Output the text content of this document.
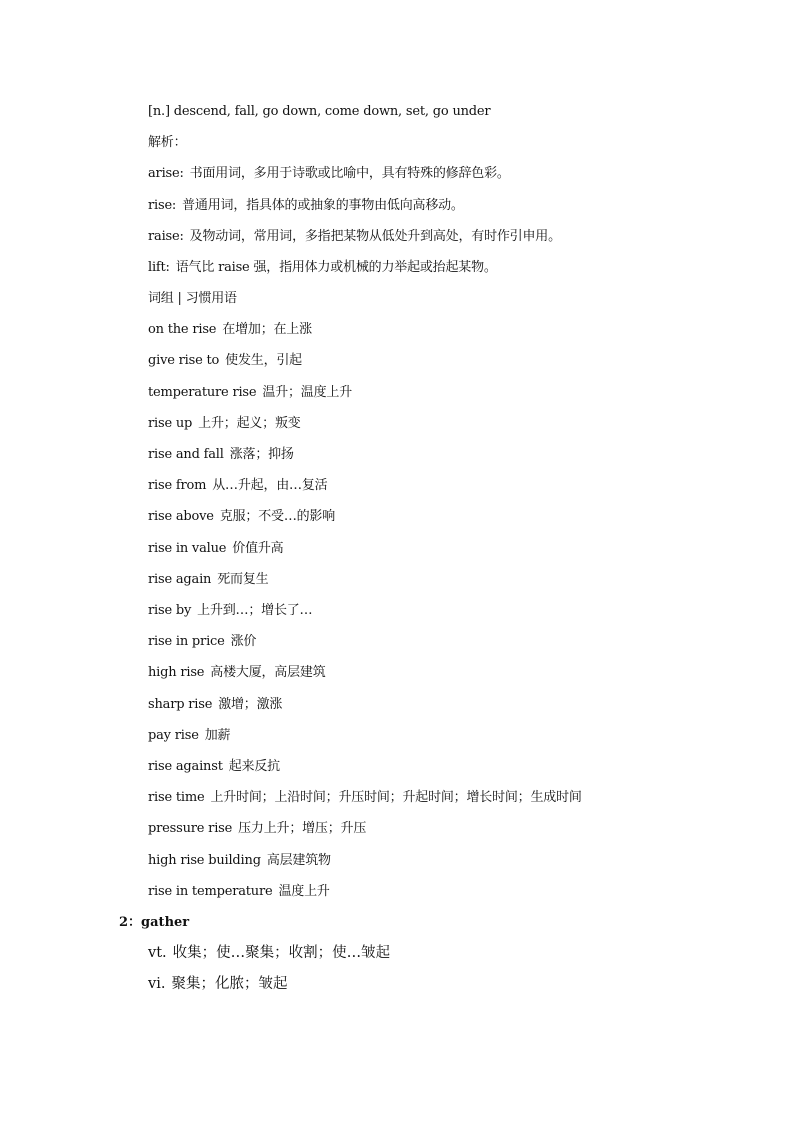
[n.] descend, fall, go down, come down, set, go under
解析：
arise: 书面用词，多用于诗歌或比喻中，具有特殊的修辞色彩。
rise: 普通用词，指具体的或抽象的事物由低向高移动。
raise: 及物动词，常用词，多指把某物从低处升到高处，有时作引申用。
lift: 语气比 raise 强，指用体力或机械的力举起或抬起某物。
词组 | 习惯用语
on the rise 在增加；在上涨
give rise to 使发生，引起
temperature rise 温升；温度上升
rise up 上升；起义；叛变
rise and fall 涨落；抑扬
rise from 从…升起，由…复活
rise above 克服；不受…的影响
rise in value 价值升高
rise again 死而复生
rise by 上升到…；增长了…
rise in price 涨价
high rise 高楼大厦，高层建筑
sharp rise 激增；激涨
pay rise 加薪
rise against 起来反抗
rise time 上升时间；上沿时间；升压时间；升起时间；增长时间；生成时间
pressure rise 压力上升；增压；升压
high rise building 高层建筑物
rise in temperature 温度上升
2：gather
vt. 收集；使…聚集；收割；使…皱起
vi. 聚集；化脓；皱起
